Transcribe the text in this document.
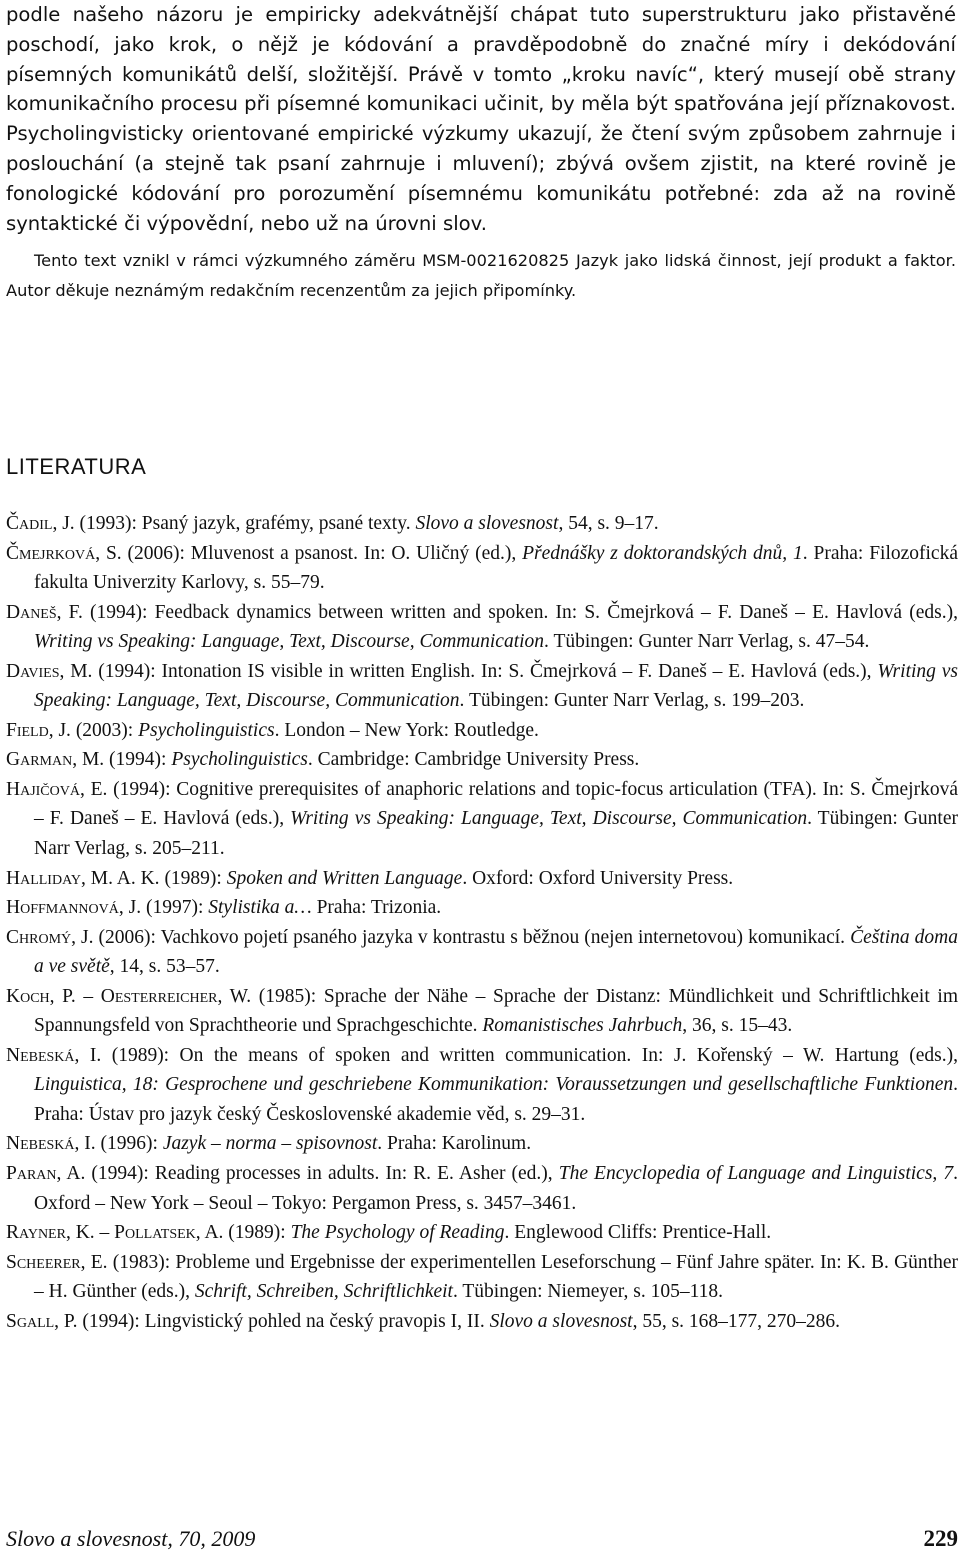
podle našeho názoru je empiricky adekvátnější chápat tuto superstrukturu jako přistavěné poschodí, jako krok, o nějž je kódování a pravděpodobně do značné míry i dekódování písemných komunikátů delší, složitější. Právě v tomto „kroku navíc“, který musejí obě strany komunikačního procesu při písemné komunikaci učinit, by měla být spatřována její příznakovost. Psycholingvisticky orientované empirické výzkumy ukazují, že čtení svým způsobem zahrnuje i poslouchání (a stejně tak psaní zahrnuje i mluvení); zbývá ovšem zjistit, na které rovině je fonologické kódování pro porozumění písemnému komunikátu potřebné: zda až na rovině syntaktické či výpovědní, nebo už na úrovni slov.

Tento text vznikl v rámci výzkumného záměru MSM-0021620825 Jazyk jako lidská činnost, její produkt a faktor. Autor děkuje neznámým redakčním recenzentům za jejich připomínky.

LITERATURA

Čadil, J. (1993): Psaný jazyk, grafémy, psané texty. Slovo a slovesnost, 54, s. 9–17.

Čmejrková, S. (2006): Mluvenost a psanost. In: O. Uličný (ed.), Přednášky z doktorandských dnů, 1. Praha: Filozofická fakulta Univerzity Karlovy, s. 55–79.

Daneš, F. (1994): Feedback dynamics between written and spoken. In: S. Čmejrková – F. Daneš – E. Havlová (eds.), Writing vs Speaking: Language, Text, Discourse, Communication. Tübingen: Gunter Narr Verlag, s. 47–54.

Davies, M. (1994): Intonation IS visible in written English. In: S. Čmejrková – F. Daneš – E. Havlová (eds.), Writing vs Speaking: Language, Text, Discourse, Communication. Tübingen: Gunter Narr Verlag, s. 199–203.

Field, J. (2003): Psycholinguistics. London – New York: Routledge.

Garman, M. (1994): Psycholinguistics. Cambridge: Cambridge University Press.

Hajičová, E. (1994): Cognitive prerequisites of anaphoric relations and topic-focus articulation (TFA). In: S. Čmejrková – F. Daneš – E. Havlová (eds.), Writing vs Speaking: Language, Text, Discourse, Communication. Tübingen: Gunter Narr Verlag, s. 205–211.

Halliday, M. A. K. (1989): Spoken and Written Language. Oxford: Oxford University Press.

Hoffmannová, J. (1997): Stylistika a… Praha: Trizonia.

Chromý, J. (2006): Vachkovo pojetí psaného jazyka v kontrastu s běžnou (nejen internetovou) komunikací. Čeština doma a ve světě, 14, s. 53–57.

Koch, P. – Oesterreicher, W. (1985): Sprache der Nähe – Sprache der Distanz: Mündlichkeit und Schriftlichkeit im Spannungsfeld von Sprachtheorie und Sprachgeschichte. Romanistisches Jahrbuch, 36, s. 15–43.

Nebeská, I. (1989): On the means of spoken and written communication. In: J. Kořenský – W. Hartung (eds.), Linguistica, 18: Gesprochene und geschriebene Kommunikation: Voraussetzungen und gesellschaftliche Funktionen. Praha: Ústav pro jazyk český Československé akademie věd, s. 29–31.

Nebeská, I. (1996): Jazyk – norma – spisovnost. Praha: Karolinum.

Paran, A. (1994): Reading processes in adults. In: R. E. Asher (ed.), The Encyclopedia of Language and Linguistics, 7. Oxford – New York – Seoul – Tokyo: Pergamon Press, s. 3457–3461.

Rayner, K. – Pollatsek, A. (1989): The Psychology of Reading. Englewood Cliffs: Prentice-Hall.

Scheerer, E. (1983): Probleme und Ergebnisse der experimentellen Leseforschung – Fünf Jahre später. In: K. B. Günther – H. Günther (eds.), Schrift, Schreiben, Schriftlichkeit. Tübingen: Niemeyer, s. 105–118.

Sgall, P. (1994): Lingvistický pohled na český pravopis I, II. Slovo a slovesnost, 55, s. 168–177, 270–286.

Slovo a slovesnost, 70, 2009	229
